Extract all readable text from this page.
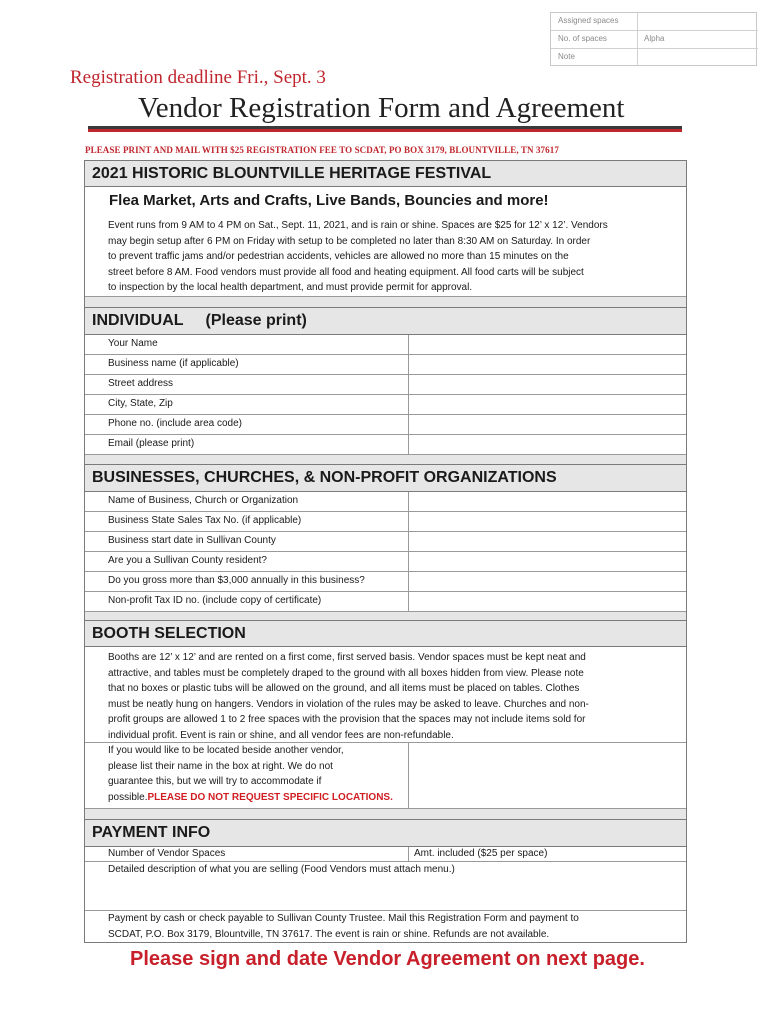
Assigned spaces
No. of spaces	Alpha
Note
Registration deadline Fri., Sept. 3
Vendor Registration Form and Agreement
PLEASE PRINT AND MAIL WITH $25 REGISTRATION FEE TO SCDAT, PO BOX 3179, BLOUNTVILLE, TN 37617
2021 HISTORIC BLOUNTVILLE HERITAGE FESTIVAL
Flea Market, Arts and Crafts, Live Bands, Bouncies and more!
Event runs from 9 AM to 4 PM on Sat., Sept. 11, 2021, and is rain or shine. Spaces are $25 for 12’ x 12’. Vendors
may begin setup after 6 PM on Friday with setup to be completed no later than 8:30 AM on Saturday. In order
to prevent traffic jams and/or pedestrian accidents, vehicles are allowed no more than 15 minutes on the
street before 8 AM. Food vendors must provide all food and heating equipment. All food carts will be subject
to inspection by the local health department, and must provide permit for approval.
INDIVIDUAL     (Please print)
Your Name
Business name (if applicable)
Street address
City, State, Zip
Phone no. (include area code)
Email (please print)
BUSINESSES, CHURCHES, & NON-PROFIT ORGANIZATIONS
Name of Business, Church or Organization
Business State Sales Tax No. (if applicable)
Business start date in Sullivan County
Are you a Sullivan County resident?
Do you gross more than $3,000 annually in this business?
Non-profit Tax ID no. (include copy of certificate)
BOOTH SELECTION
Booths are 12’ x 12’ and are rented on a first come, first served basis. Vendor spaces must be kept neat and
attractive, and tables must be completely draped to the ground with all boxes hidden from view. Please note
that no boxes or plastic tubs will be allowed on the ground, and all items must be placed on tables. Clothes
must be neatly hung on hangers. Vendors in violation of the rules may be asked to leave. Churches and non-
profit groups are allowed 1 to 2 free spaces with the provision that the spaces may not include items sold for
individual profit. Event is rain or shine, and all vendor fees are non-refundable.
If you would like to be located beside another vendor,
please list their name in the box at right. We do not
guarantee this, but we will try to accommodate if
possible.PLEASE DO NOT REQUEST SPECIFIC LOCATIONS.
PAYMENT INFO
Number of Vendor Spaces	Amt. included ($25 per space)
Detailed description of what you are selling (Food Vendors must attach menu.)
Payment by cash or check payable to Sullivan County Trustee. Mail this Registration Form and payment to
SCDAT, P.O. Box 3179, Blountville, TN 37617. The event is rain or shine. Refunds are not available.
Please sign and date Vendor Agreement on next page.
